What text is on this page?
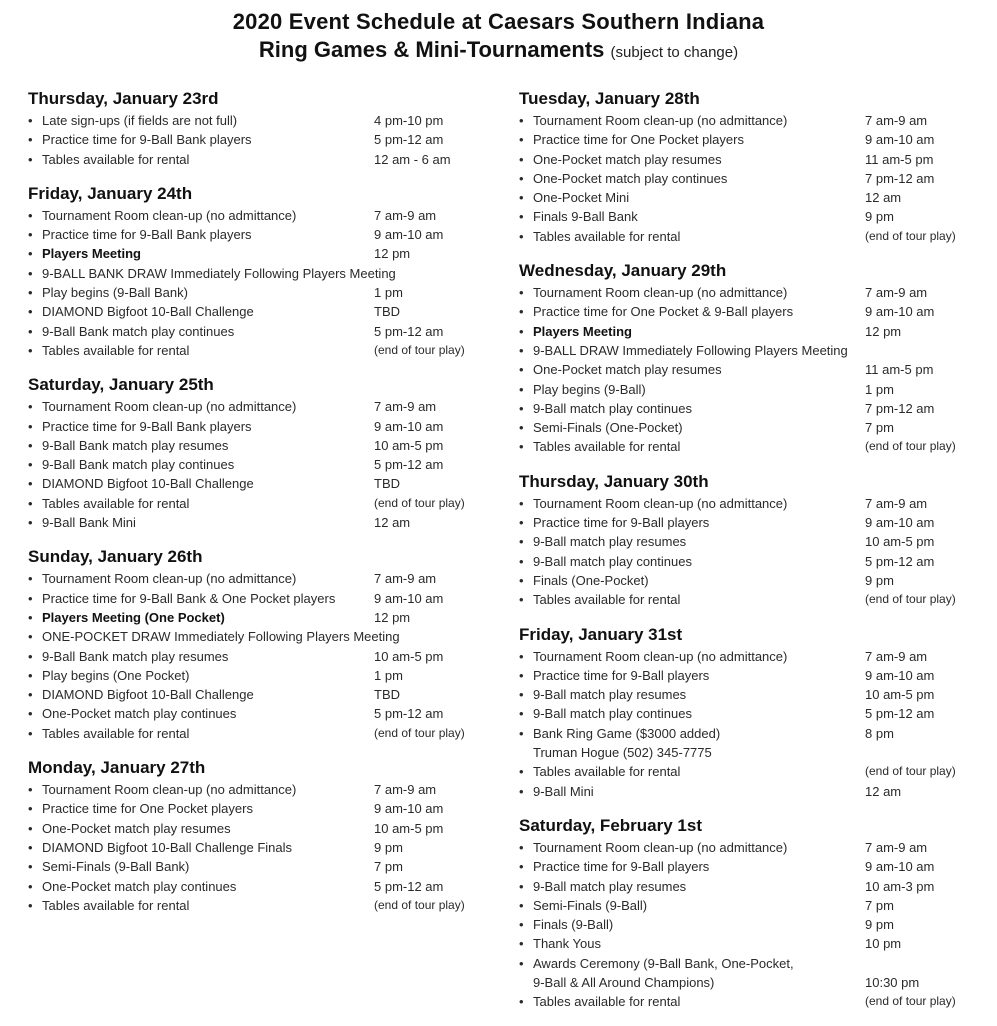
2020 Event Schedule at Caesars Southern Indiana
Ring Games & Mini-Tournaments (subject to change)
Thursday, January 23rd
• Late sign-ups (if fields are not full)	4 pm-10 pm
• Practice time for 9-Ball Bank players	5 pm-12 am
• Tables available for rental	12 am - 6 am
Friday, January 24th
• Tournament Room clean-up (no admittance)	7 am-9 am
• Practice time for 9-Ball Bank players	9 am-10 am
• Players Meeting	12 pm
• 9-BALL BANK DRAW Immediately Following Players Meeting
• Play begins (9-Ball Bank)	1 pm
• DIAMOND Bigfoot 10-Ball Challenge	TBD
• 9-Ball Bank match play continues	5 pm-12 am
• Tables available for rental	(end of tour play)
Saturday, January 25th
• Tournament Room clean-up (no admittance)	7 am-9 am
• Practice time for 9-Ball Bank players	9 am-10 am
• 9-Ball Bank match play resumes	10 am-5 pm
• 9-Ball Bank match play continues	5 pm-12 am
• DIAMOND Bigfoot 10-Ball Challenge	TBD
• Tables available for rental	(end of tour play)
• 9-Ball Bank Mini	12 am
Sunday, January 26th
• Tournament Room clean-up (no admittance)	7 am-9 am
• Practice time for 9-Ball Bank & One Pocket players	9 am-10 am
• Players Meeting (One Pocket)	12 pm
• ONE-POCKET DRAW Immediately Following Players Meeting
• 9-Ball Bank match play resumes	10 am-5 pm
• Play begins (One Pocket)	1 pm
• DIAMOND Bigfoot 10-Ball Challenge	TBD
• One-Pocket match play continues	5 pm-12 am
• Tables available for rental	(end of tour play)
Monday, January 27th
• Tournament Room clean-up (no admittance)	7 am-9 am
• Practice time for One Pocket players	9 am-10 am
• One-Pocket match play resumes	10 am-5 pm
• DIAMOND Bigfoot 10-Ball Challenge Finals	9 pm
• Semi-Finals (9-Ball Bank)	7 pm
• One-Pocket match play continues	5 pm-12 am
• Tables available for rental	(end of tour play)
Tuesday, January 28th
• Tournament Room clean-up (no admittance)	7 am-9 am
• Practice time for One Pocket players	9 am-10 am
• One-Pocket match play resumes	11 am-5 pm
• One-Pocket match play continues	7 pm-12 am
• One-Pocket Mini	12 am
• Finals 9-Ball Bank	9 pm
• Tables available for rental	(end of tour play)
Wednesday, January 29th
• Tournament Room clean-up (no admittance)	7 am-9 am
• Practice time for One Pocket & 9-Ball players	9 am-10 am
• Players Meeting	12 pm
• 9-BALL DRAW Immediately Following Players Meeting
• One-Pocket match play resumes	11 am-5 pm
• Play begins (9-Ball)	1 pm
• 9-Ball match play continues	7 pm-12 am
• Semi-Finals (One-Pocket)	7 pm
• Tables available for rental	(end of tour play)
Thursday, January 30th
• Tournament Room clean-up (no admittance)	7 am-9 am
• Practice time for 9-Ball players	9 am-10 am
• 9-Ball match play resumes	10 am-5 pm
• 9-Ball match play continues	5 pm-12 am
• Finals (One-Pocket)	9 pm
• Tables available for rental	(end of tour play)
Friday, January 31st
• Tournament Room clean-up (no admittance)	7 am-9 am
• Practice time for 9-Ball players	9 am-10 am
• 9-Ball match play resumes	10 am-5 pm
• 9-Ball match play continues	5 pm-12 am
• Bank Ring Game ($3000 added)	8 pm
Truman Hogue (502) 345-7775
• Tables available for rental	(end of tour play)
• 9-Ball Mini	12 am
Saturday, February 1st
• Tournament Room clean-up (no admittance)	7 am-9 am
• Practice time for 9-Ball players	9 am-10 am
• 9-Ball match play resumes	10 am-3 pm
• Semi-Finals (9-Ball)	7 pm
• Finals (9-Ball)	9 pm
• Thank Yous	10 pm
• Awards Ceremony (9-Ball Bank, One-Pocket,
9-Ball & All Around Champions)	10:30 pm
• Tables available for rental	(end of tour play)
